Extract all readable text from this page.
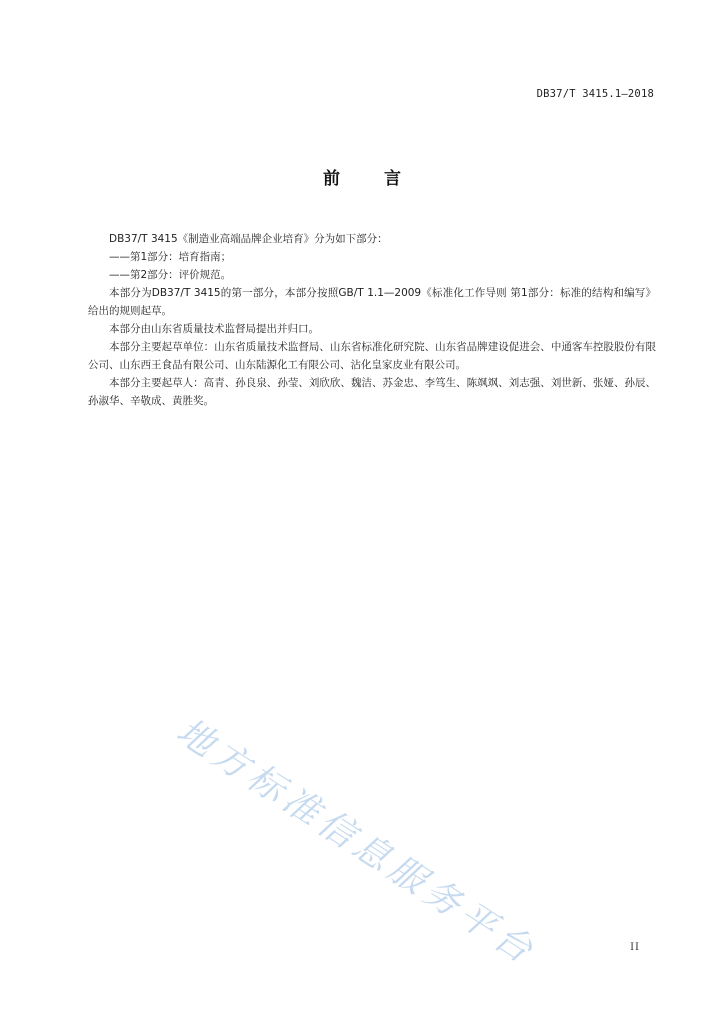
DB37/T 3415.1—2018
前	言

DB37/T 3415《制造业高端品牌企业培育》分为如下部分：

——第1部分：培育指南；

——第2部分：评价规范。

本部分为DB37/T 3415的第一部分，本部分按照GB/T 1.1—2009《标准化工作导则 第1部分：标准的结构和编写》给出的规则起草。

本部分由山东省质量技术监督局提出并归口。

本部分主要起草单位：山东省质量技术监督局、山东省标准化研究院、山东省品牌建设促进会、中通客车控股股份有限公司、山东西王食品有限公司、山东陆源化工有限公司、沾化皇家皮业有限公司。

本部分主要起草人：高青、孙良泉、孙莹、刘欣欣、魏洁、苏金忠、李笃生、陈飒飒、刘志强、刘世新、张娅、孙辰、孙淑华、辛敬成、黄胜奖。

地方标准信息服务平台	II
